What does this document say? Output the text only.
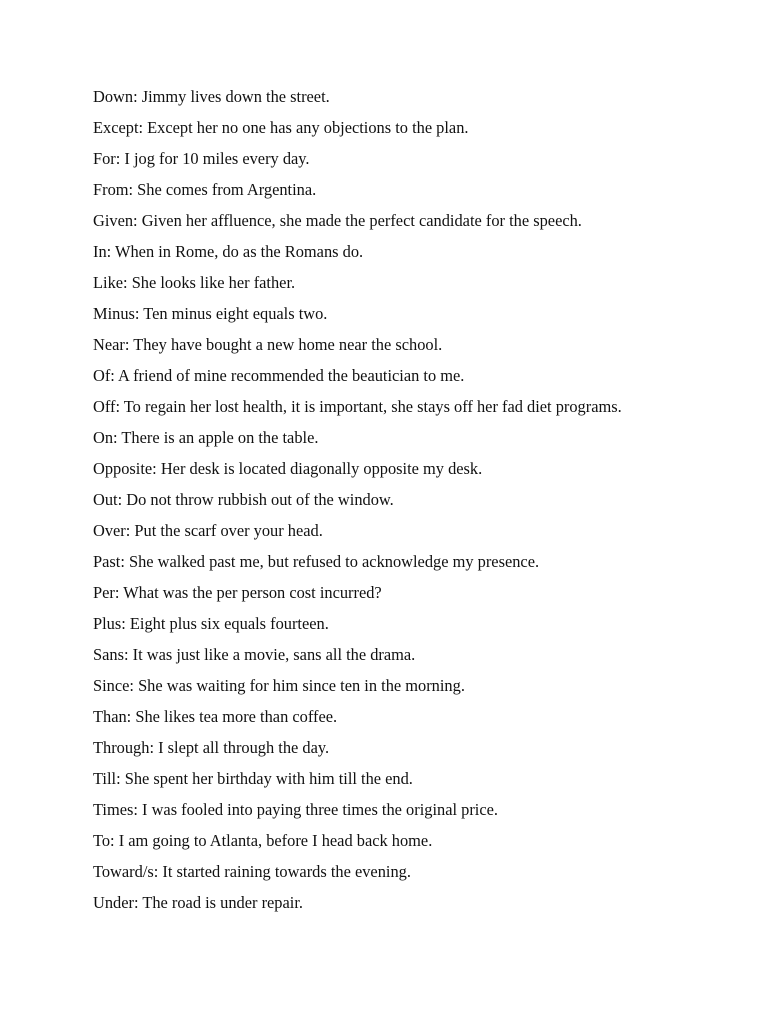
Down: Jimmy lives down the street.
Except: Except her no one has any objections to the plan.
For: I jog for 10 miles every day.
From: She comes from Argentina.
Given: Given her affluence, she made the perfect candidate for the speech.
In: When in Rome, do as the Romans do.
Like: She looks like her father.
Minus: Ten minus eight equals two.
Near: They have bought a new home near the school.
Of: A friend of mine recommended the beautician to me.
Off: To regain her lost health, it is important, she stays off her fad diet programs.
On: There is an apple on the table.
Opposite: Her desk is located diagonally opposite my desk.
Out: Do not throw rubbish out of the window.
Over: Put the scarf over your head.
Past: She walked past me, but refused to acknowledge my presence.
Per: What was the per person cost incurred?
Plus: Eight plus six equals fourteen.
Sans: It was just like a movie, sans all the drama.
Since: She was waiting for him since ten in the morning.
Than: She likes tea more than coffee.
Through: I slept all through the day.
Till: She spent her birthday with him till the end.
Times: I was fooled into paying three times the original price.
To: I am going to Atlanta, before I head back home.
Toward/s: It started raining towards the evening.
Under: The road is under repair.
